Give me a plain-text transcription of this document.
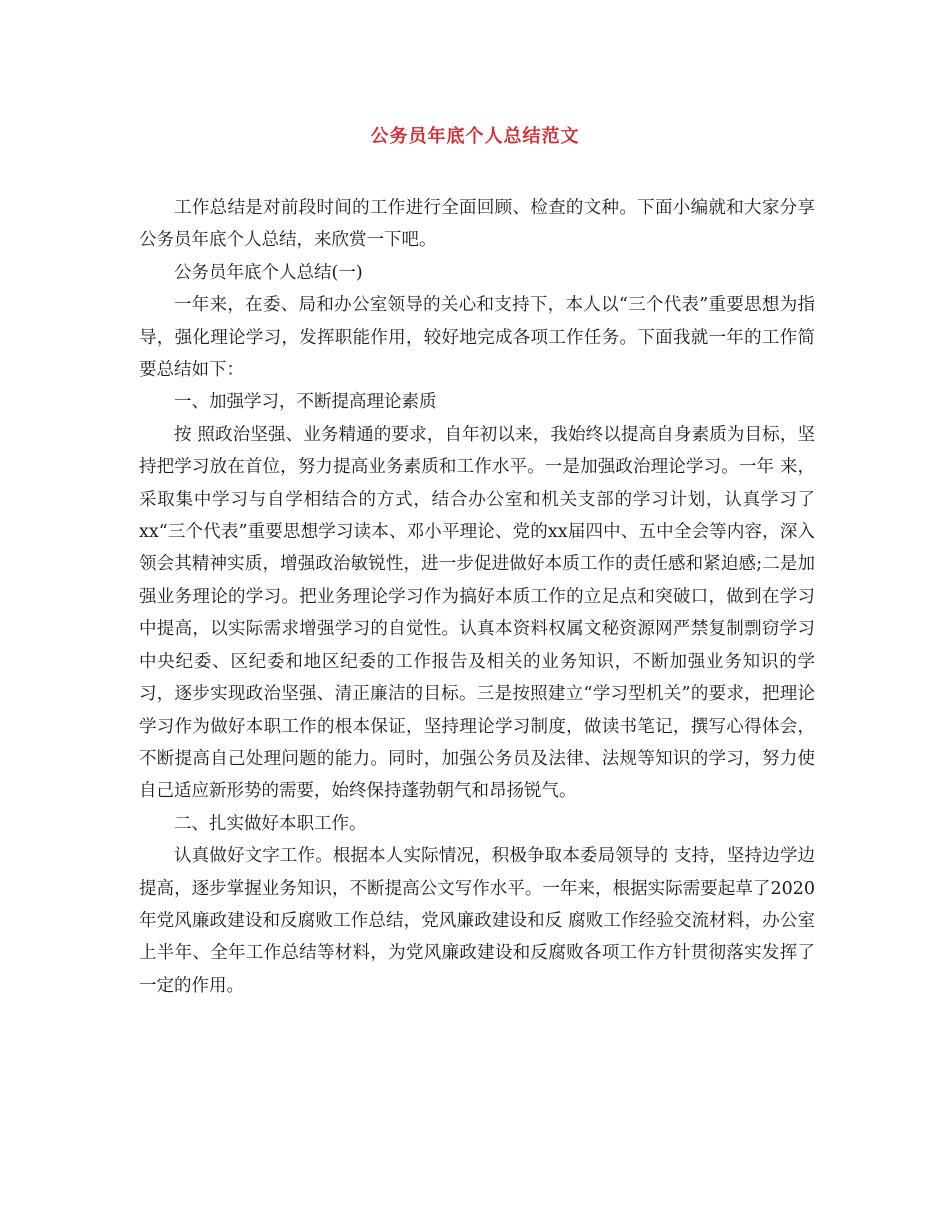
公务员年底个人总结范文

工作总结是对前段时间的工作进行全面回顾、检查的文种。下面小编就和大家分享公务员年底个人总结，来欣赏一下吧。

公务员年底个人总结(一)

一年来，在委、局和办公室领导的关心和支持下，本人以“三个代表”重要思想为指导，强化理论学习，发挥职能作用，较好地完成各项工作任务。下面我就一年的工作简要总结如下：

一、加强学习，不断提高理论素质

按 照政治坚强、业务精通的要求，自年初以来，我始终以提高自身素质为目标，坚持把学习放在首位，努力提高业务素质和工作水平。一是加强政治理论学习。一年 来，采取集中学习与自学相结合的方式，结合办公室和机关支部的学习计划，认真学习了xx“三个代表”重要思想学习读本、邓小平理论、党的xx届四中、五中全会等内容，深入领会其精神实质，增强政治敏锐性，进一步促进做好本质工作的责任感和紧迫感;二是加强业务理论的学习。把业务理论学习作为搞好本质工作的立足点和突破口，做到在学习中提高，以实际需求增强学习的自觉性。认真本资料权属文秘资源网严禁复制剽窃学习中央纪委、区纪委和地区纪委的工作报告及相关的业务知识，不断加强业务知识的学习，逐步实现政治坚强、清正廉洁的目标。三是按照建立“学习型机关”的要求，把理论学习作为做好本职工作的根本保证，坚持理论学习制度，做读书笔记，撰写心得体会，不断提高自己处理问题的能力。同时，加强公务员及法律、法规等知识的学习，努力使自己适应新形势的需要，始终保持蓬勃朝气和昂扬锐气。

二、扎实做好本职工作。

认真做好文字工作。根据本人实际情况，积极争取本委局领导的 支持，坚持边学边提高，逐步掌握业务知识，不断提高公文写作水平。一年来，根据实际需要起草了2020年党风廉政建设和反腐败工作总结，党风廉政建设和反 腐败工作经验交流材料，办公室上半年、全年工作总结等材料，为党风廉政建设和反腐败各项工作方针贯彻落实发挥了一定的作用。
